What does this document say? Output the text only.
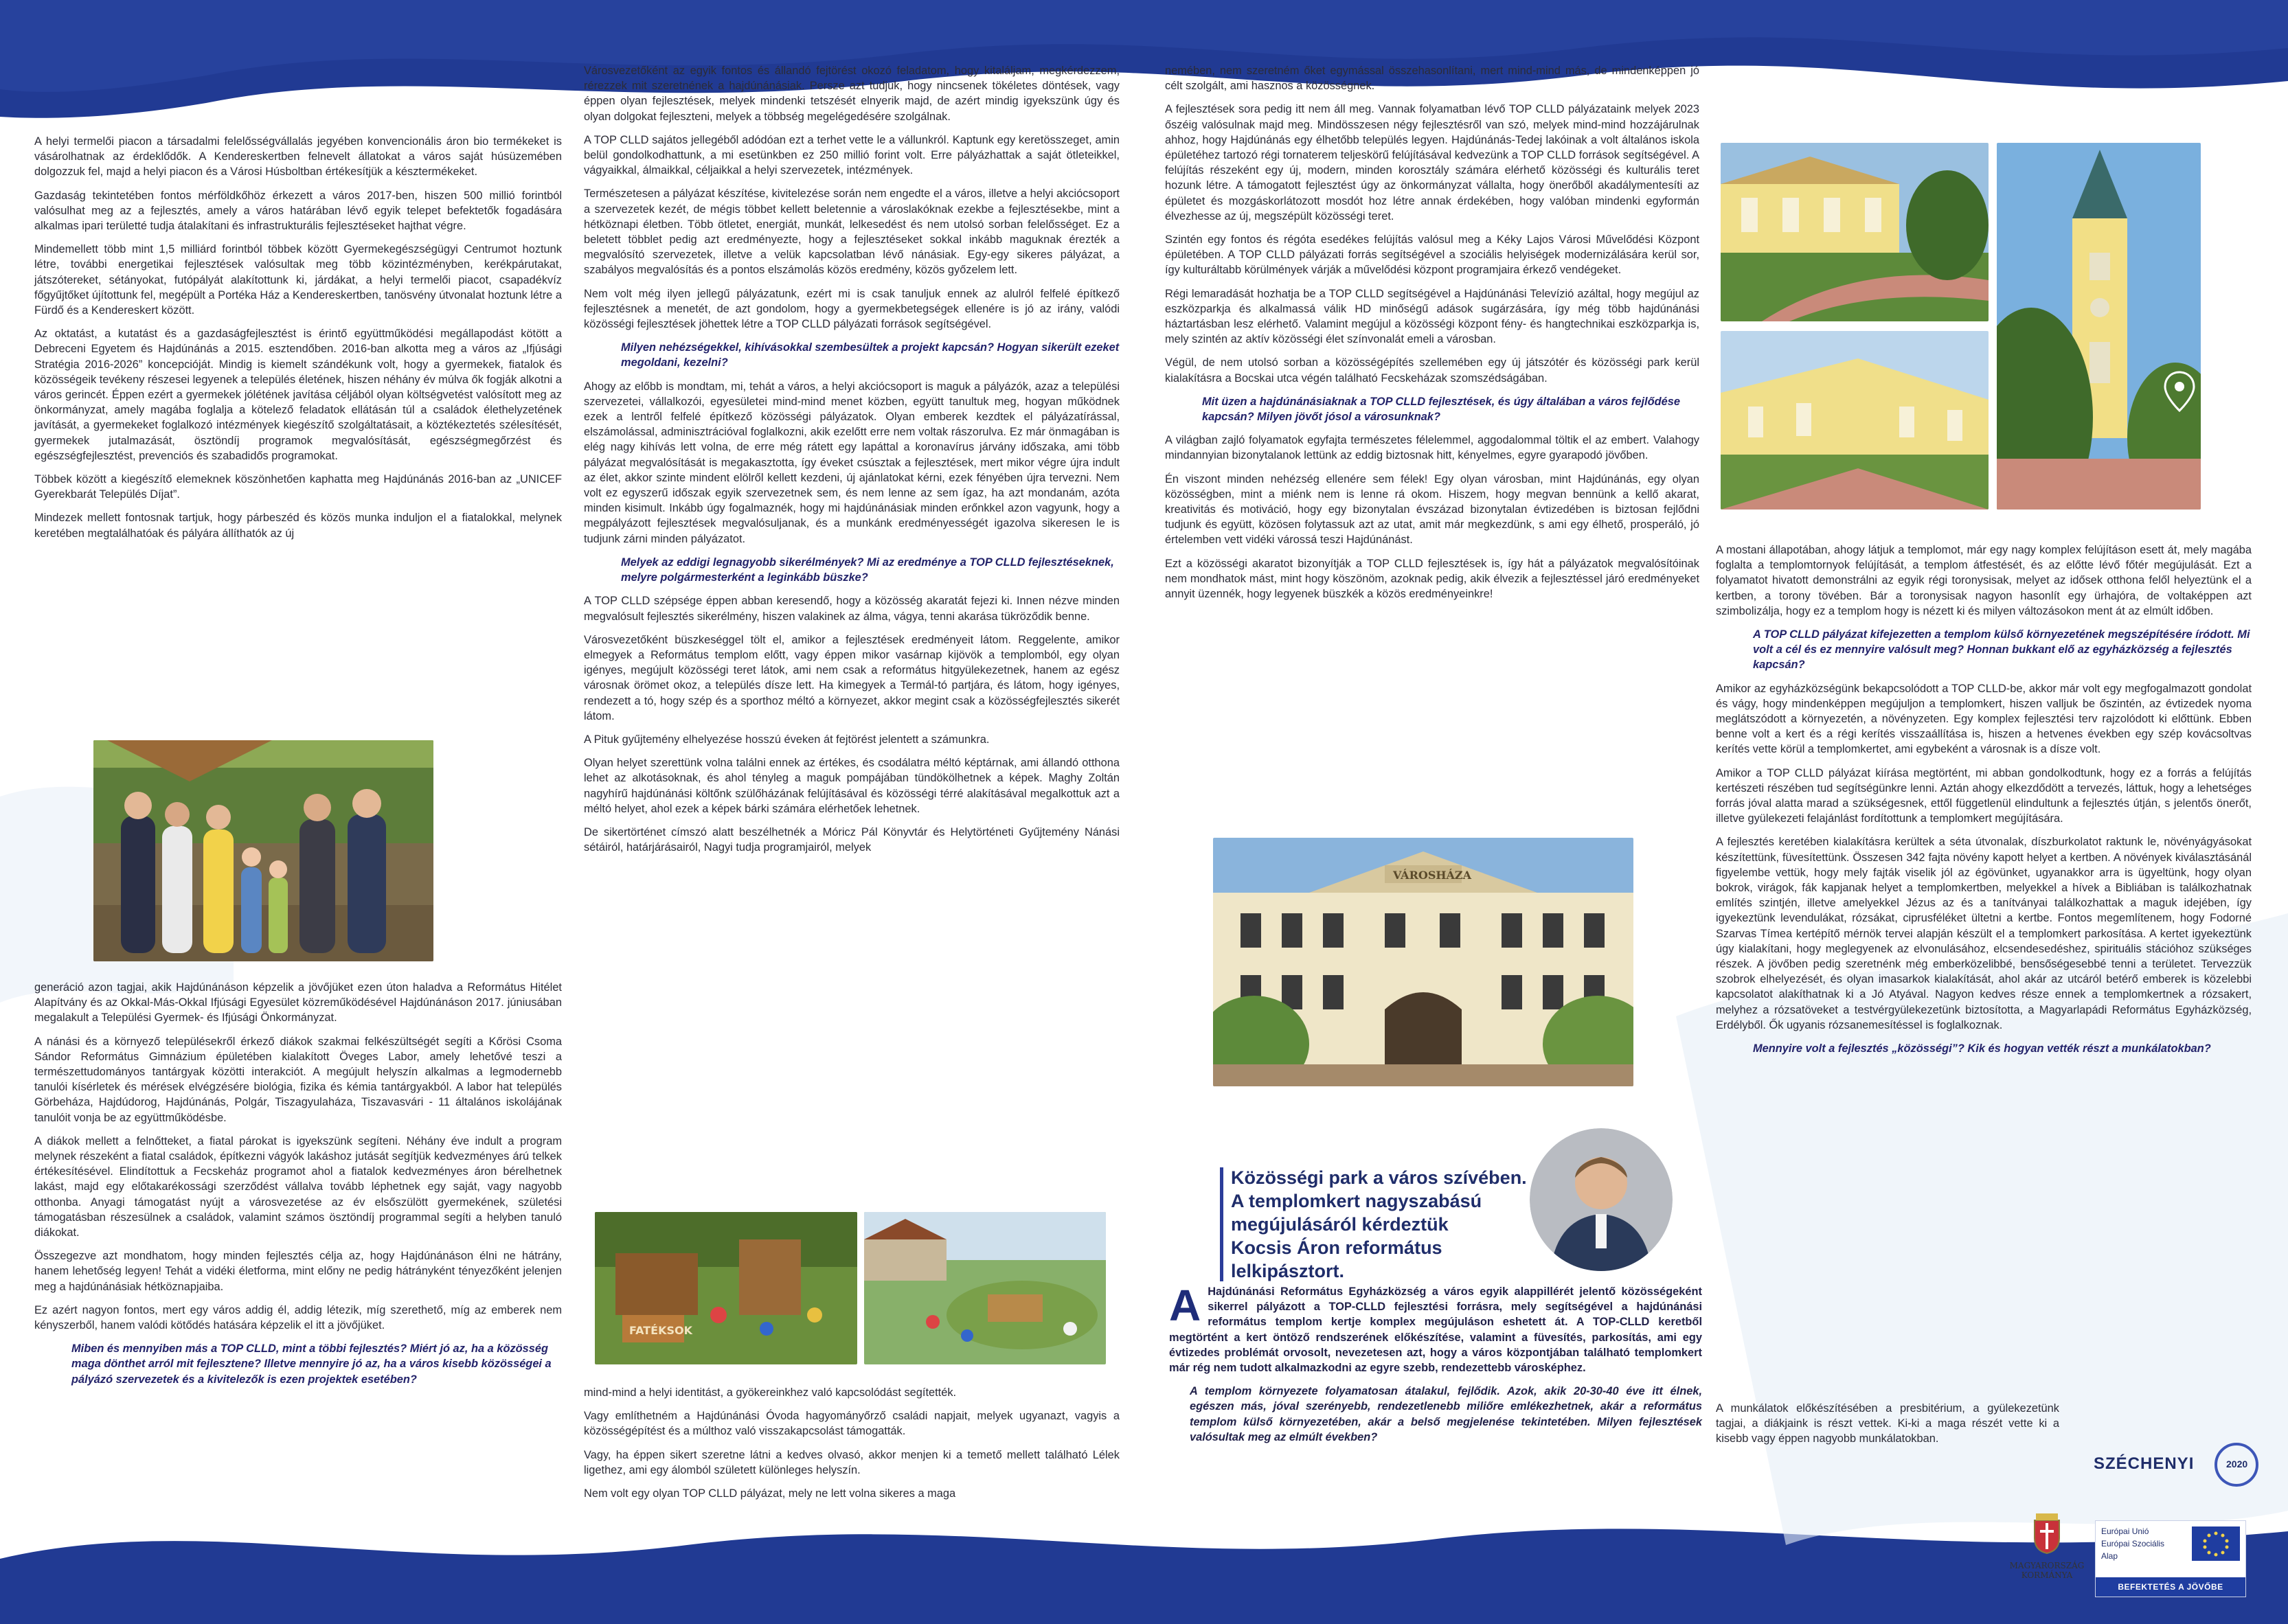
A helyi termelői piacon a társadalmi felelősségvállalás jegyében konvencionális áron bio termékeket is vásárolhatnak az érdeklődők. A Kendereskertben felnevelt állatokat a város saját húsüzemében dolgozzuk fel, majd a helyi piacon és a Városi Húsboltban értékesítjük a késztermékeket.

Gazdaság tekintetében fontos mérföldkőhöz érkezett a város 2017-ben, hiszen 500 millió forintból valósulhat meg az a fejlesztés, amely a város határában lévő egyik telepet befektetők fogadására alkalmas ipari területté tudja átalakítani és infrastrukturális fejlesztéseket hajthat végre.

Mindemellett több mint 1,5 milliárd forintból többek között Gyermekegészségügyi Centrumot hoztunk létre, további energetikai fejlesztések valósultak meg több közintézményben, kerékpárutakat, játszótereket, sétányokat, futópályát alakítottunk ki, járdákat, a helyi termelői piacot, csapadékvíz főgyűjtőket újítottunk fel, megépült a Portéka Ház a Kendereskertben, tanösvény útvonalat hoztunk létre a Fürdő és a Kendereskert között.

Az oktatást, a kutatást és a gazdaságfejlesztést is érintő együttműködési megállapodást kötött a Debreceni Egyetem és Hajdúnánás a 2015. esztendőben. 2016-ban alkotta meg a város az „Ifjúsági Stratégia 2016-2026” koncepcióját. Mindig is kiemelt szándékunk volt, hogy a gyermekek, fiatalok és közösségeik tevékeny részesei legyenek a település életének, hiszen néhány év múlva ők fogják alkotni a város gerincét. Éppen ezért a gyermekek jólétének javítása céljából olyan költségvetést valósított meg az önkormányzat, amely magába foglalja a kötelező feladatok ellátásán túl a családok élethelyzetének javítását, a gyermekeket foglalkozó intézmények kiegészítő szolgáltatásait, a köztékeztetés szélesítését, gyermekek jutalmazását, ösztöndíj programok megvalósítását, egészségmegőrzést és egészségfejlesztést, prevenciós és szabadidős programokat.

Többek között a kiegészítő elemeknek köszönhetően kaphatta meg Hajdúnánás 2016-ban az „UNICEF Gyerekbarát Település Díjat”.

Mindezek mellett fontosnak tartjuk, hogy párbeszéd és közös munka induljon el a fiatalokkal, melynek keretében megtalálhatóak és pályára állíthatók az új

generáció azon tagjai, akik Hajdúnánáson képzelik a jövőjüket ezen úton haladva a Református Hitélet Alapítvány és az Okkal-Más-Okkal Ifjúsági Egyesület közreműködésével Hajdúnánáson 2017. júniusában megalakult a Települési Gyermek- és Ifjúsági Önkormányzat.

A nánási és a környező településekről érkező diákok szakmai felkészültségét segíti a Kőrösi Csoma Sándor Református Gimnázium épületében kialakított Öveges Labor, amely lehetővé teszi a természettudományos tantárgyak közötti interakciót. A megújult helyszín alkalmas a legmodernebb tanulói kísérletek és mérések elvégzésére biológia, fizika és kémia tantárgyakból. A labor hat település Görbeháza, Hajdúdorog, Hajdúnánás, Polgár, Tiszagyulaháza, Tiszavasvári - 11 általános iskolájának tanulóit vonja be az együttműködésbe.

A diákok mellett a felnőtteket, a fiatal párokat is igyekszünk segíteni. Néhány éve indult a program melynek részeként a fiatal családok, építkezni vágyók lakáshoz jutását segítjük kedvezményes árú telkek értékesítésével. Elindítottuk a Fecskeház programot ahol a fiatalok kedvezményes áron bérelhetnek lakást, majd egy előtakarékossági szerződést vállalva tovább léphetnek egy saját, vagy nagyobb otthonba. Anyagi támogatást nyújt a városvezetése az év elsőszülött gyermekének, születési támogatásban részesülnek a családok, valamint számos ösztöndíj programmal segíti a helyben tanuló diákokat.

Összegezve azt mondhatom, hogy minden fejlesztés célja az, hogy Hajdúnánáson élni ne hátrány, hanem lehetőség legyen! Tehát a vidéki életforma, mint előny ne pedig hátrányként tényezőként jelenjen meg a hajdúnánásiak hétköznapjaiba.

Ez azért nagyon fontos, mert egy város addig él, addig létezik, míg szerethető, míg az emberek nem kényszerből, hanem valódi kötődés hatására képzelik el itt a jövőjüket.

Miben és mennyiben más a TOP CLLD, mint a többi fejlesztés? Miért jó az, ha a közösség maga dönthet arról mit fejlesztene? Illetve mennyire jó az, ha a város kisebb közösségei a pályázó szervezetek és a kivitelezők is ezen projektek esetében?

Városvezetőként az egyik fontos és állandó fejtörést okozó feladatom, hogy kitaláljam, megkérdezzem, rérezzek mit szeretnének a hajdúnánásiak. Persze azt tudjuk, hogy nincsenek tökéletes döntések, vagy éppen olyan fejlesztések, melyek mindenki tetszését elnyerik majd, de azért mindig igyekszünk úgy és olyan dolgokat fejleszteni, melyek a többség megelégedésére szolgálnak.

A TOP CLLD sajátos jellegéből adódóan ezt a terhet vette le a vállunkról. Kaptunk egy keretösszeget, amin belül gondolkodhattunk, a mi esetünkben ez 250 millió forint volt. Erre pályázhattak a saját ötleteikkel, vágyaikkal, álmaikkal, céljaikkal a helyi szervezetek, intézmények.

Természetesen a pályázat készítése, kivitelezése során nem engedte el a város, illetve a helyi akciócsoport a szervezetek kezét, de mégis többet kellett beletennie a városlakóknak ezekbe a fejlesztésekbe, mint a hétköznapi életben. Több ötletet, energiát, munkát, lelkesedést és nem utolsó sorban felelősséget. Ez a beletett többlet pedig azt eredményezte, hogy a fejlesztéseket sokkal inkább maguknak érezték a megvalósító szervezetek, illetve a velük kapcsolatban lévő nánásiak. Egy-egy sikeres pályázat, a szabályos megvalósítás és a pontos elszámolás közös eredmény, közös győzelem lett.

Nem volt még ilyen jellegű pályázatunk, ezért mi is csak tanuljuk ennek az alulról felfelé építkező fejlesztésnek a menetét, de azt gondolom, hogy a gyermekbetegségek ellenére is jó az irány, valódi közösségi fejlesztések jöhettek létre a TOP CLLD pályázati források segítségével.

Milyen nehézségekkel, kihívásokkal szembesültek a projekt kapcsán? Hogyan sikerült ezeket megoldani, kezelni?

Ahogy az előbb is mondtam, mi, tehát a város, a helyi akciócsoport is maguk a pályázók, azaz a települési szervezetei, vállalkozói, egyesületei mind-mind menet közben, együtt tanultuk meg, hogyan működnek ezek a lentről felfelé építkező közösségi pályázatok. Olyan emberek kezdtek el pályázatírással, elszámolással, adminisztrációval foglalkozni, akik ezelőtt erre nem voltak rászorulva. Ez már önmagában is elég nagy kihívás lett volna, de erre még rátett egy lapáttal a koronavírus járvány időszaka, ami több pályázat megvalósítását is megakasztotta, így éveket csúsztak a fejlesztések, mert mikor végre újra indult az élet, akkor szinte mindent elölről kellett kezdeni, új ajánlatokat kérni, ezek fényében újra tervezni. Nem volt ez egyszerű időszak egyik szervezetnek sem, és nem lenne az sem ígaz, ha azt mondanám, azóta minden kisimult. Inkább úgy fogalmaznék, hogy mi hajdúnánásiak minden erőnkkel azon vagyunk, hogy a megpályázott fejlesztések megvalósuljanak, és a munkánk eredményességét igazolva sikeresen le is tudjunk zárni minden pályázatot.

Melyek az eddigi legnagyobb sikerélmények? Mi az eredménye a TOP CLLD fejlesztéseknek, melyre polgármesterként a leginkább büszke?

A TOP CLLD szépsége éppen abban keresendő, hogy a közösség akaratát fejezi ki. Innen nézve minden megvalósult fejlesztés sikerélmény, hiszen valakinek az álma, vágya, tenni akarása tükröződik benne.

Városvezetőként büszkeséggel tölt el, amikor a fejlesztések eredményeit látom. Reggelente, amikor elmegyek a Református templom előtt, vagy éppen mikor vasárnap kijövök a templomból, egy olyan igényes, megújult közösségi teret látok, ami nem csak a református hitgyülekezetnek, hanem az egész városnak örömet okoz, a település dísze lett. Ha kimegyek a Termál-tó partjára, és látom, hogy igényes, rendezett a tó, hogy szép és a sporthoz méltó a környezet, akkor megint csak a közösségfejlesztés sikerét látom.

A Pituk gyűjtemény elhelyezése hosszú éveken át fejtörést jelentett a számunkra.

Olyan helyet szerettünk volna találni ennek az értékes, és csodálatra méltó képtárnak, ami állandó otthona lehet az alkotásoknak, és ahol tényleg a maguk pompájában tündökölhetnek a képek. Maghy Zoltán nagyhírű hajdúnánási költőnk szülőházának felújításával és közösségi térré alakításával megalkottuk azt a méltó helyet, ahol ezek a képek bárki számára elérhetőek lehetnek.

De sikertörténet címszó alatt beszélhetnék a Móricz Pál Könyvtár és Helytörténeti Gyűjtemény Nánási sétáiról, határjárásairól, Nagyi tudja programjairól, melyek

FATÉKSOK

mind-mind a helyi identitást, a gyökereinkhez való kapcsolódást segítették.

Vagy említhetném a Hajdúnánási Óvoda hagyományőrző családi napjait, melyek ugyanazt, vagyis a közösségépítést és a múlthoz való visszakapcsolást támogatták.

Vagy, ha éppen sikert szeretne látni a kedves olvasó, akkor menjen ki a temető mellett található Lélek ligethez, ami egy álomból született különleges helyszín.

Nem volt egy olyan TOP CLLD pályázat, mely ne lett volna sikeres a maga

nemében, nem szeretném őket egymással összehasonlítani, mert mind-mind más, de mindenképpen jó célt szolgált, ami hasznos a közösségnek.

A fejlesztések sora pedig itt nem áll meg. Vannak folyamatban lévő TOP CLLD pályázataink melyek 2023 őszéig valósulnak majd meg. Mindösszesen négy fejlesztésről van szó, melyek mind-mind hozzájárulnak ahhoz, hogy Hajdúnánás egy élhetőbb település legyen. Hajdúnánás-Tedej lakóinak a volt általános iskola épületéhez tartozó régi tornaterem teljeskörű felújításával kedvezünk a TOP CLLD források segítségével. A felújítás részeként egy új, modern, minden korosztály számára elérhető közösségi és kulturális teret hozunk létre. A támogatott fejlesztést úgy az önkormányzat vállalta, hogy önerőből akadálymentesíti az épületet és mozgáskorlátozott mosdót hoz létre annak érdekében, hogy valóban mindenki egyformán élvezhesse az új, megszépült közösségi teret.

Szintén egy fontos és régóta esedékes felújítás valósul meg a Kéky Lajos Városi Művelődési Központ épületében. A TOP CLLD pályázati forrás segítségével a szociális helyiségek modernizálására kerül sor, így kulturáltabb körülmények várják a művelődési központ programjaira érkező vendégeket.

Régi lemaradását hozhatja be a TOP CLLD segítségével a Hajdúnánási Televízió azáltal, hogy megújul az eszközparkja és alkalmassá válik HD minőségű adások sugárzására, így még több hajdúnánási háztartásban lesz elérhető. Valamint megújul a közösségi központ fény- és hangtechnikai eszközparkja is, mely szintén az aktív közösségi élet színvonalát emeli a városban.

Végül, de nem utolsó sorban a közösségépítés szellemében egy új játszótér és közösségi park kerül kialakításra a Bocskai utca végén található Fecskeházak szomszédságában.

Mit üzen a hajdúnánásiaknak a TOP CLLD fejlesztések, és úgy általában a város fejlődése kapcsán? Milyen jövőt jósol a városunknak?

A világban zajló folyamatok egyfajta természetes félelemmel, aggodalommal töltik el az embert. Valahogy mindannyian bizonytalanok lettünk az eddig biztosnak hitt, kényelmes, egyre gyarapodó jövőben.

Én viszont minden nehézség ellenére sem félek! Egy olyan városban, mint Hajdúnánás, egy olyan közösségben, mint a miénk nem is lenne rá okom. Hiszem, hogy megvan bennünk a kellő akarat, kreativitás és motiváció, hogy egy bizonytalan évszázad bizonytalan évtizedében is biztosan fejlődni tudjunk és együtt, közösen folytassuk azt az utat, amit már megkezdünk, s ami egy élhető, prosperáló, jó értelemben vett vidéki várossá teszi Hajdúnánást.

Ezt a közösségi akaratot bizonyítják a TOP CLLD fejlesztések is, így hát a pályázatok megvalósítóinak nem mondhatok mást, mint hogy köszönöm, azoknak pedig, akik élvezik a fejlesztéssel járó eredményeket annyit üzennék, hogy legyenek büszkék a közös eredményeinkre!

VÁROSHÁZA
Közösségi park a város szívében.
A templomkert nagyszabású
megújulásáról kérdeztük
Kocsis Áron református lelkipásztort.

A Hajdúnánási Református Egyházközség a város egyik alappillérét jelentő közösségeként sikerrel pályázott a TOP-CLLD fejlesztési forrásra, mely segítségével a hajdúnánási református templom kertje komplex megújuláson eshetett át. A TOP-CLLD keretből megtörtént a kert öntöző rendszerének előkészítése, valamint a füvesítés, parkosítás, ami egy évtizedes problémát orvosolt, nevezetesen azt, hogy a város központjában található templomkert már rég nem tudott alkalmazkodni az egyre szebb, rendezettebb városképhez.

A templom környezete folyamatosan átalakul, fejlődik. Azok, akik 20-30-40 éve itt élnek, egészen más, jóval szerényebb, rendezetlenebb miliőre emlékezhetnek, akár a református templom külső környezetében, akár a belső megjelenése tekintetében. Milyen fejlesztések valósultak meg az elmúlt években?

A mostani állapotában, ahogy látjuk a templomot, már egy nagy komplex felújításon esett át, mely magába foglalta a templomtornyok felújítását, a templom átfestését, és az előtte lévő főtér megújulását. Ezt a folyamatot hivatott demonstrálni az egyik régi toronysisak, melyet az idősek otthona felől helyeztünk el a kertben, a torony tövében. Bár a toronysisak nagyon hasonlít egy ürhajóra, de voltaképpen azt szimbolizálja, hogy ez a templom hogy is nézett ki és milyen változásokon ment át az elmúlt időben.

A TOP CLLD pályázat kifejezetten a templom külső környezetének megszépítésére íródott. Mi volt a cél és ez mennyire valósult meg? Honnan bukkant elő az egyházközség a fejlesztés kapcsán?

Amikor az egyházközségünk bekapcsolódott a TOP CLLD-be, akkor már volt egy megfogalmazott gondolat és vágy, hogy mindenképpen megújuljon a templomkert, hiszen valljuk be őszintén, az évtizedek nyoma meglátszódott a környezetén, a növényzeten. Egy komplex fejlesztési terv rajzolódott ki előttünk. Ebben benne volt a kert és a régi kerítés visszaállítása is, hiszen a hetvenes években egy szép kovácsoltvas kerítés vette körül a templomkertet, ami egybeként a városnak is a dísze volt.

Amikor a TOP CLLD pályázat kiírása megtörtént, mi abban gondolkodtunk, hogy ez a forrás a felújítás kertészeti részében tud segítségünkre lenni. Aztán ahogy elkezdődött a tervezés, láttuk, hogy a lehetséges forrás jóval alatta marad a szükségesnek, ettől függetlenül elindultunk a fejlesztés útján, s jelentős önerőt, illetve gyülekezeti felajánlást fordítottunk a templomkert megújítására.

A fejlesztés keretében kialakításra kerültek a séta útvonalak, díszburkolatot raktunk le, növényágyásokat készítettünk, füvesítettünk. Összesen 342 fajta növény kapott helyet a kertben. A növények kiválasztásánál figyelembe vettük, hogy mely fajták viselik jól az égövünket, ugyanakkor arra is ügyeltünk, hogy olyan bokrok, virágok, fák kapjanak helyet a templomkertben, melyekkel a hívek a Bibliában is találkozhatnak említés szintjén, illetve amelyekkel Jézus az és a tanítványai találkozhattak a maguk idejében, így igyekeztünk levendulákat, rózsákat, ciprusféléket ültetni a kertbe. Fontos megemlítenem, hogy Fodorné Szarvas Tímea kertépítő mérnök tervei alapján készült el a templomkert parkosítása. A kertet igyekeztünk úgy kialakítani, hogy meglegyenek az elvonulásához, elcsendesedéshez, spirituális stációhoz szükséges részek. A jövőben pedig szeretnénk még emberközelibbé, bensőségesebbé tenni a területet. Tervezzük szobrok elhelyezését, és olyan imasarkok kialakítását, ahol akár az utcáról betérő emberek is közelebbi kapcsolatot alakíthatnak ki a Jó Atyával. Nagyon kedves része ennek a templomkertnek a rózsakert, melyhez a rózsatöveket a testvérgyülekezetünk biztosította, a Magyarlapádi Református Egyházközség, Erdélyből. Ők ugyanis rózsanemesítéssel is foglalkoznak.

Mennyire volt a fejlesztés „közösségi”? Kik és hogyan vették részt a munkálatokban?

A munkálatok előkészítésében a presbitérium, a gyülekezetünk tagjai, a diákjaink is részt vettek. Ki-ki a maga részét vette ki a kisebb vagy éppen nagyobb munkálatokban.

SZÉCHENYI	2020
MAGYARORSZÁG
KORMÁNYA
Európai Unió
Európai Szociális
Alap
BEFEKTETÉS A JÖVŐBE
